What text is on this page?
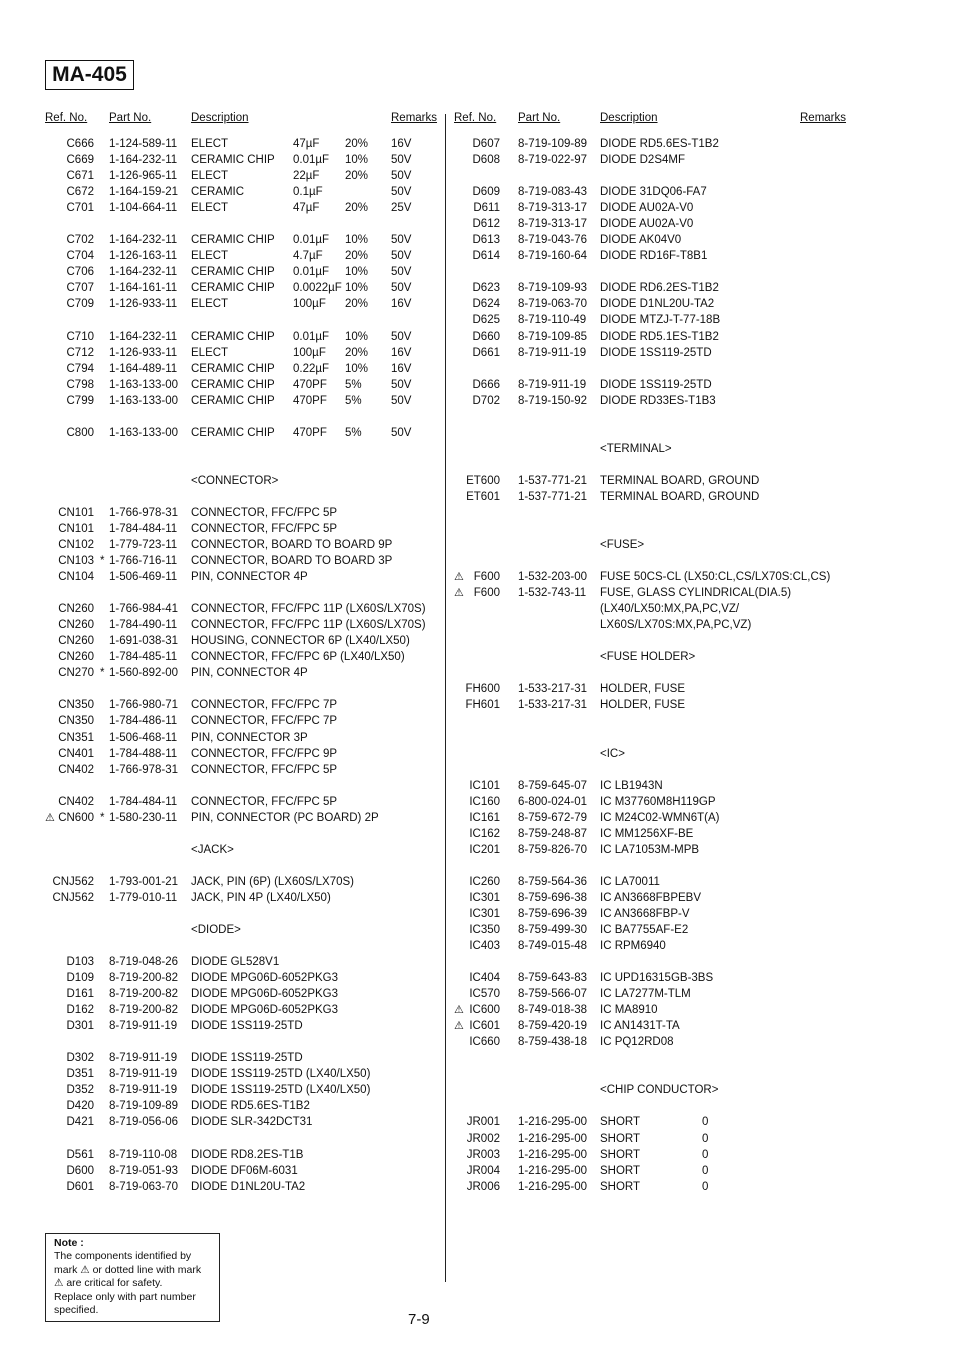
MA-405
Ref. No. Part No.	Description	Remarks Ref. No. Part No.	Description	Remarks
C666 1-124-589-11 ELECT	47µF 20% 16V
C669 1-164-232-11 CERAMIC CHIP 0.01µF 10% 50V
C671 1-126-965-11 ELECT	22µF 20% 50V
C672 1-164-159-21 CERAMIC	0.1µF	50V
C701 1-104-664-11 ELECT	47µF 20% 25V
C702 1-164-232-11 CERAMIC CHIP 0.01µF 10% 50V
C704 1-126-163-11 ELECT	4.7µF 20% 50V
C706 1-164-232-11 CERAMIC CHIP 0.01µF 10% 50V
C707 1-164-161-11 CERAMIC CHIP 0.0022µF 10% 50V
C709 1-126-933-11 ELECT	100µF 20% 16V
C710 1-164-232-11 CERAMIC CHIP 0.01µF 10% 50V
C712 1-126-933-11 ELECT	100µF 20% 16V
C794 1-164-489-11 CERAMIC CHIP 0.22µF 10% 16V
C798 1-163-133-00 CERAMIC CHIP 470PF 5%	50V
C799 1-163-133-00 CERAMIC CHIP 470PF 5%	50V
C800 1-163-133-00 CERAMIC CHIP 470PF 5%	50V
<CONNECTOR>
CN101 1-766-978-31 CONNECTOR, FFC/FPC 5P
CN101 1-784-484-11 CONNECTOR, FFC/FPC 5P
CN102 1-779-723-11 CONNECTOR, BOARD TO BOARD 9P
CN103 * 1-766-716-11 CONNECTOR, BOARD TO BOARD 3P
CN104 1-506-469-11 PIN, CONNECTOR 4P
CN260 1-766-984-41 CONNECTOR, FFC/FPC 11P (LX60S/LX70S)
CN260 1-784-490-11 CONNECTOR, FFC/FPC 11P (LX60S/LX70S)
CN260 1-691-038-31 HOUSING, CONNECTOR 6P (LX40/LX50)
CN260 1-784-485-11 CONNECTOR, FFC/FPC 6P (LX40/LX50)
CN270 * 1-560-892-00 PIN, CONNECTOR 4P
CN350 1-766-980-71 CONNECTOR, FFC/FPC 7P
CN350 1-784-486-11 CONNECTOR, FFC/FPC 7P
CN351 1-506-468-11 PIN, CONNECTOR 3P
CN401 1-784-488-11 CONNECTOR, FFC/FPC 9P
CN402 1-766-978-31 CONNECTOR, FFC/FPC 5P
CN402 1-784-484-11 CONNECTOR, FFC/FPC 5P
⚠ CN600 * 1-580-230-11 PIN, CONNECTOR (PC BOARD) 2P
<JACK>
CNJ562 1-793-001-21 JACK, PIN (6P) (LX60S/LX70S)
CNJ562 1-779-010-11 JACK, PIN 4P (LX40/LX50)
<DIODE>
D103 8-719-048-26 DIODE GL528V1
D109 8-719-200-82 DIODE MPG06D-6052PKG3
D161 8-719-200-82 DIODE MPG06D-6052PKG3
D162 8-719-200-82 DIODE MPG06D-6052PKG3
D301 8-719-911-19 DIODE 1SS119-25TD
D302 8-719-911-19 DIODE 1SS119-25TD
D351 8-719-911-19 DIODE 1SS119-25TD (LX40/LX50)
D352 8-719-911-19 DIODE 1SS119-25TD (LX40/LX50)
D420 8-719-109-89 DIODE RD5.6ES-T1B2
D421 8-719-056-06 DIODE SLR-342DCT31
D561 8-719-110-08 DIODE RD8.2ES-T1B
D600 8-719-051-93 DIODE DF06M-6031
D601 8-719-063-70 DIODE D1NL20U-TA2
D607 8-719-109-89 DIODE RD5.6ES-T1B2
D608 8-719-022-97 DIODE D2S4MF
D609 8-719-083-43 DIODE 31DQ06-FA7
D611 8-719-313-17 DIODE AU02A-V0
D612 8-719-313-17 DIODE AU02A-V0
D613 8-719-043-76 DIODE AK04V0
D614 8-719-160-64 DIODE RD16F-T8B1
D623 8-719-109-93 DIODE RD6.2ES-T1B2
D624 8-719-063-70 DIODE D1NL20U-TA2
D625 8-719-110-49 DIODE MTZJ-T-77-18B
D660 8-719-109-85 DIODE RD5.1ES-T1B2
D661 8-719-911-19 DIODE 1SS119-25TD
D666 8-719-911-19 DIODE 1SS119-25TD
D702 8-719-150-92 DIODE RD33ES-T1B3
<TERMINAL>
ET600 1-537-771-21 TERMINAL BOARD, GROUND
ET601 1-537-771-21 TERMINAL BOARD, GROUND
<FUSE>
⚠ F600 1-532-203-00 FUSE 50CS-CL (LX50:CL,CS/LX70S:CL,CS)
⚠ F600 1-532-743-11 FUSE, GLASS CYLINDRICAL(DIA.5)
(LX40/LX50:MX,PA,PC,VZ/
LX60S/LX70S:MX,PA,PC,VZ)
<FUSE HOLDER>
FH600 1-533-217-31 HOLDER, FUSE
FH601 1-533-217-31 HOLDER, FUSE
<IC>
IC101 8-759-645-07 IC LB1943N
IC160 6-800-024-01 IC M37760M8H119GP
IC161 8-759-672-79 IC M24C02-WMN6T(A)
IC162 8-759-248-87 IC MM1256XF-BE
IC201 8-759-826-70 IC LA71053M-MPB
IC260 8-759-564-36 IC LA70011
IC301 8-759-696-38 IC AN3668FBPEBV
IC301 8-759-696-39 IC AN3668FBP-V
IC350 8-759-499-30 IC BA7755AF-E2
IC403 8-749-015-48 IC RPM6940
IC404 8-759-643-83 IC UPD16315GB-3BS
IC570 8-759-566-07 IC LA7277M-TLM
⚠ IC600 8-749-018-38 IC MA8910
⚠ IC601 8-759-420-19 IC AN1431T-TA
IC660 8-759-438-18 IC PQ12RD08
<CHIP CONDUCTOR>
JR001 1-216-295-00 SHORT	0
JR002 1-216-295-00 SHORT	0
JR003 1-216-295-00 SHORT	0
JR004 1-216-295-00 SHORT	0
JR006 1-216-295-00 SHORT	0
Note :
The components identified by
mark ⚠ or dotted line with mark
⚠ are critical for safety.
Replace only with part number
specified.
7-9
